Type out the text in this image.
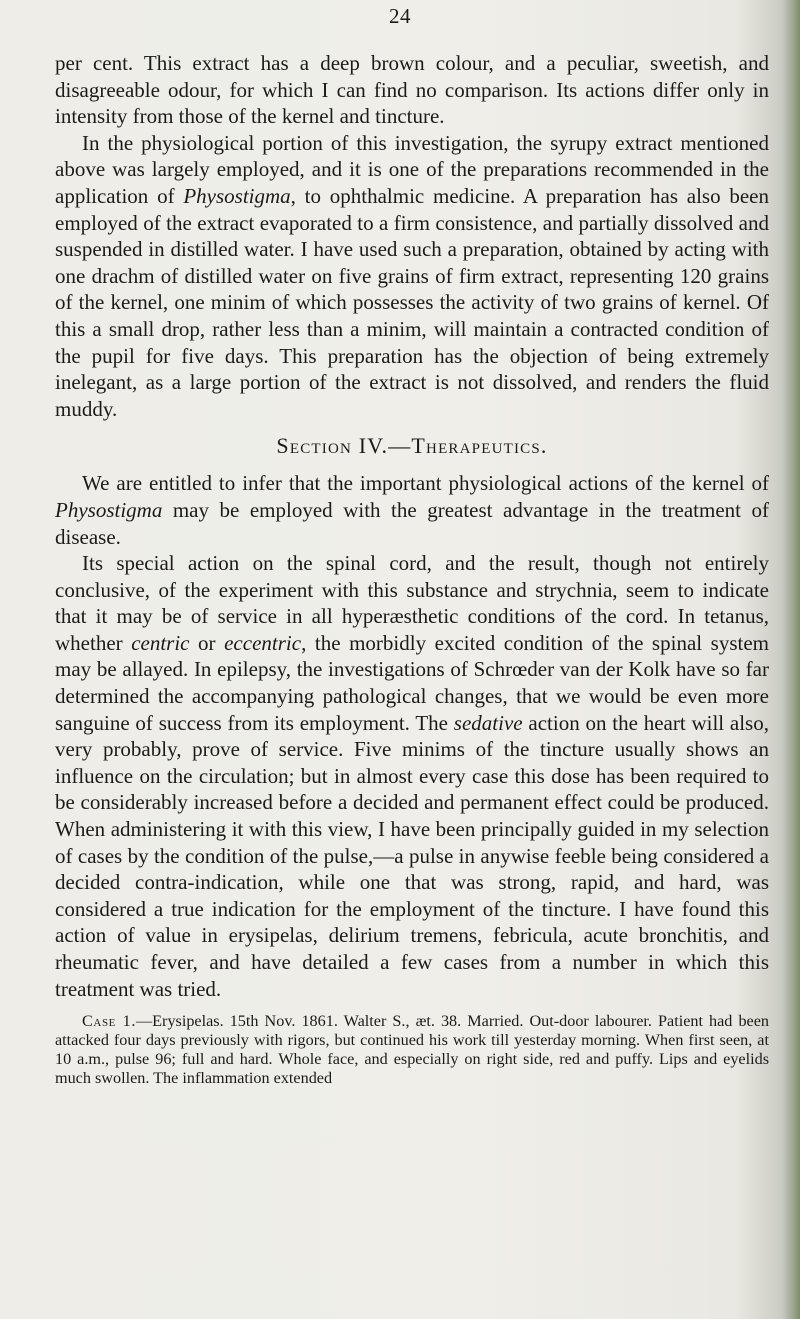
24

per cent. This extract has a deep brown colour, and a peculiar, sweetish, and disagreeable odour, for which I can find no comparison. Its actions differ only in intensity from those of the kernel and tincture.

In the physiological portion of this investigation, the syrupy extract mentioned above was largely employed, and it is one of the preparations recommended in the application of Physostigma, to ophthalmic medicine. A preparation has also been employed of the extract evaporated to a firm consistence, and partially dissolved and suspended in distilled water. I have used such a preparation, obtained by acting with one drachm of distilled water on five grains of firm extract, representing 120 grains of the kernel, one minim of which possesses the activity of two grains of kernel. Of this a small drop, rather less than a minim, will maintain a contracted condition of the pupil for five days. This preparation has the objection of being extremely inelegant, as a large portion of the extract is not dissolved, and renders the fluid muddy.

Section IV.—Therapeutics.

We are entitled to infer that the important physiological actions of the kernel of Physostigma may be employed with the greatest advantage in the treatment of disease.

Its special action on the spinal cord, and the result, though not entirely conclusive, of the experiment with this substance and strychnia, seem to indicate that it may be of service in all hyperæsthetic conditions of the cord. In tetanus, whether centric or eccentric, the morbidly excited condition of the spinal system may be allayed. In epilepsy, the investigations of Schrœder van der Kolk have so far determined the accompanying pathological changes, that we would be even more sanguine of success from its employment. The sedative action on the heart will also, very probably, prove of service. Five minims of the tincture usually shows an influence on the circulation; but in almost every case this dose has been required to be considerably increased before a decided and permanent effect could be produced. When administering it with this view, I have been principally guided in my selection of cases by the condition of the pulse,—a pulse in anywise feeble being considered a decided contra-indication, while one that was strong, rapid, and hard, was considered a true indication for the employment of the tincture. I have found this action of value in erysipelas, delirium tremens, febricula, acute bronchitis, and rheumatic fever, and have detailed a few cases from a number in which this treatment was tried.

Case 1.—Erysipelas. 15th Nov. 1861. Walter S., æt. 38. Married. Out-door labourer. Patient had been attacked four days previously with rigors, but continued his work till yesterday morning. When first seen, at 10 a.m., pulse 96; full and hard. Whole face, and especially on right side, red and puffy. Lips and eyelids much swollen. The inflammation extended
